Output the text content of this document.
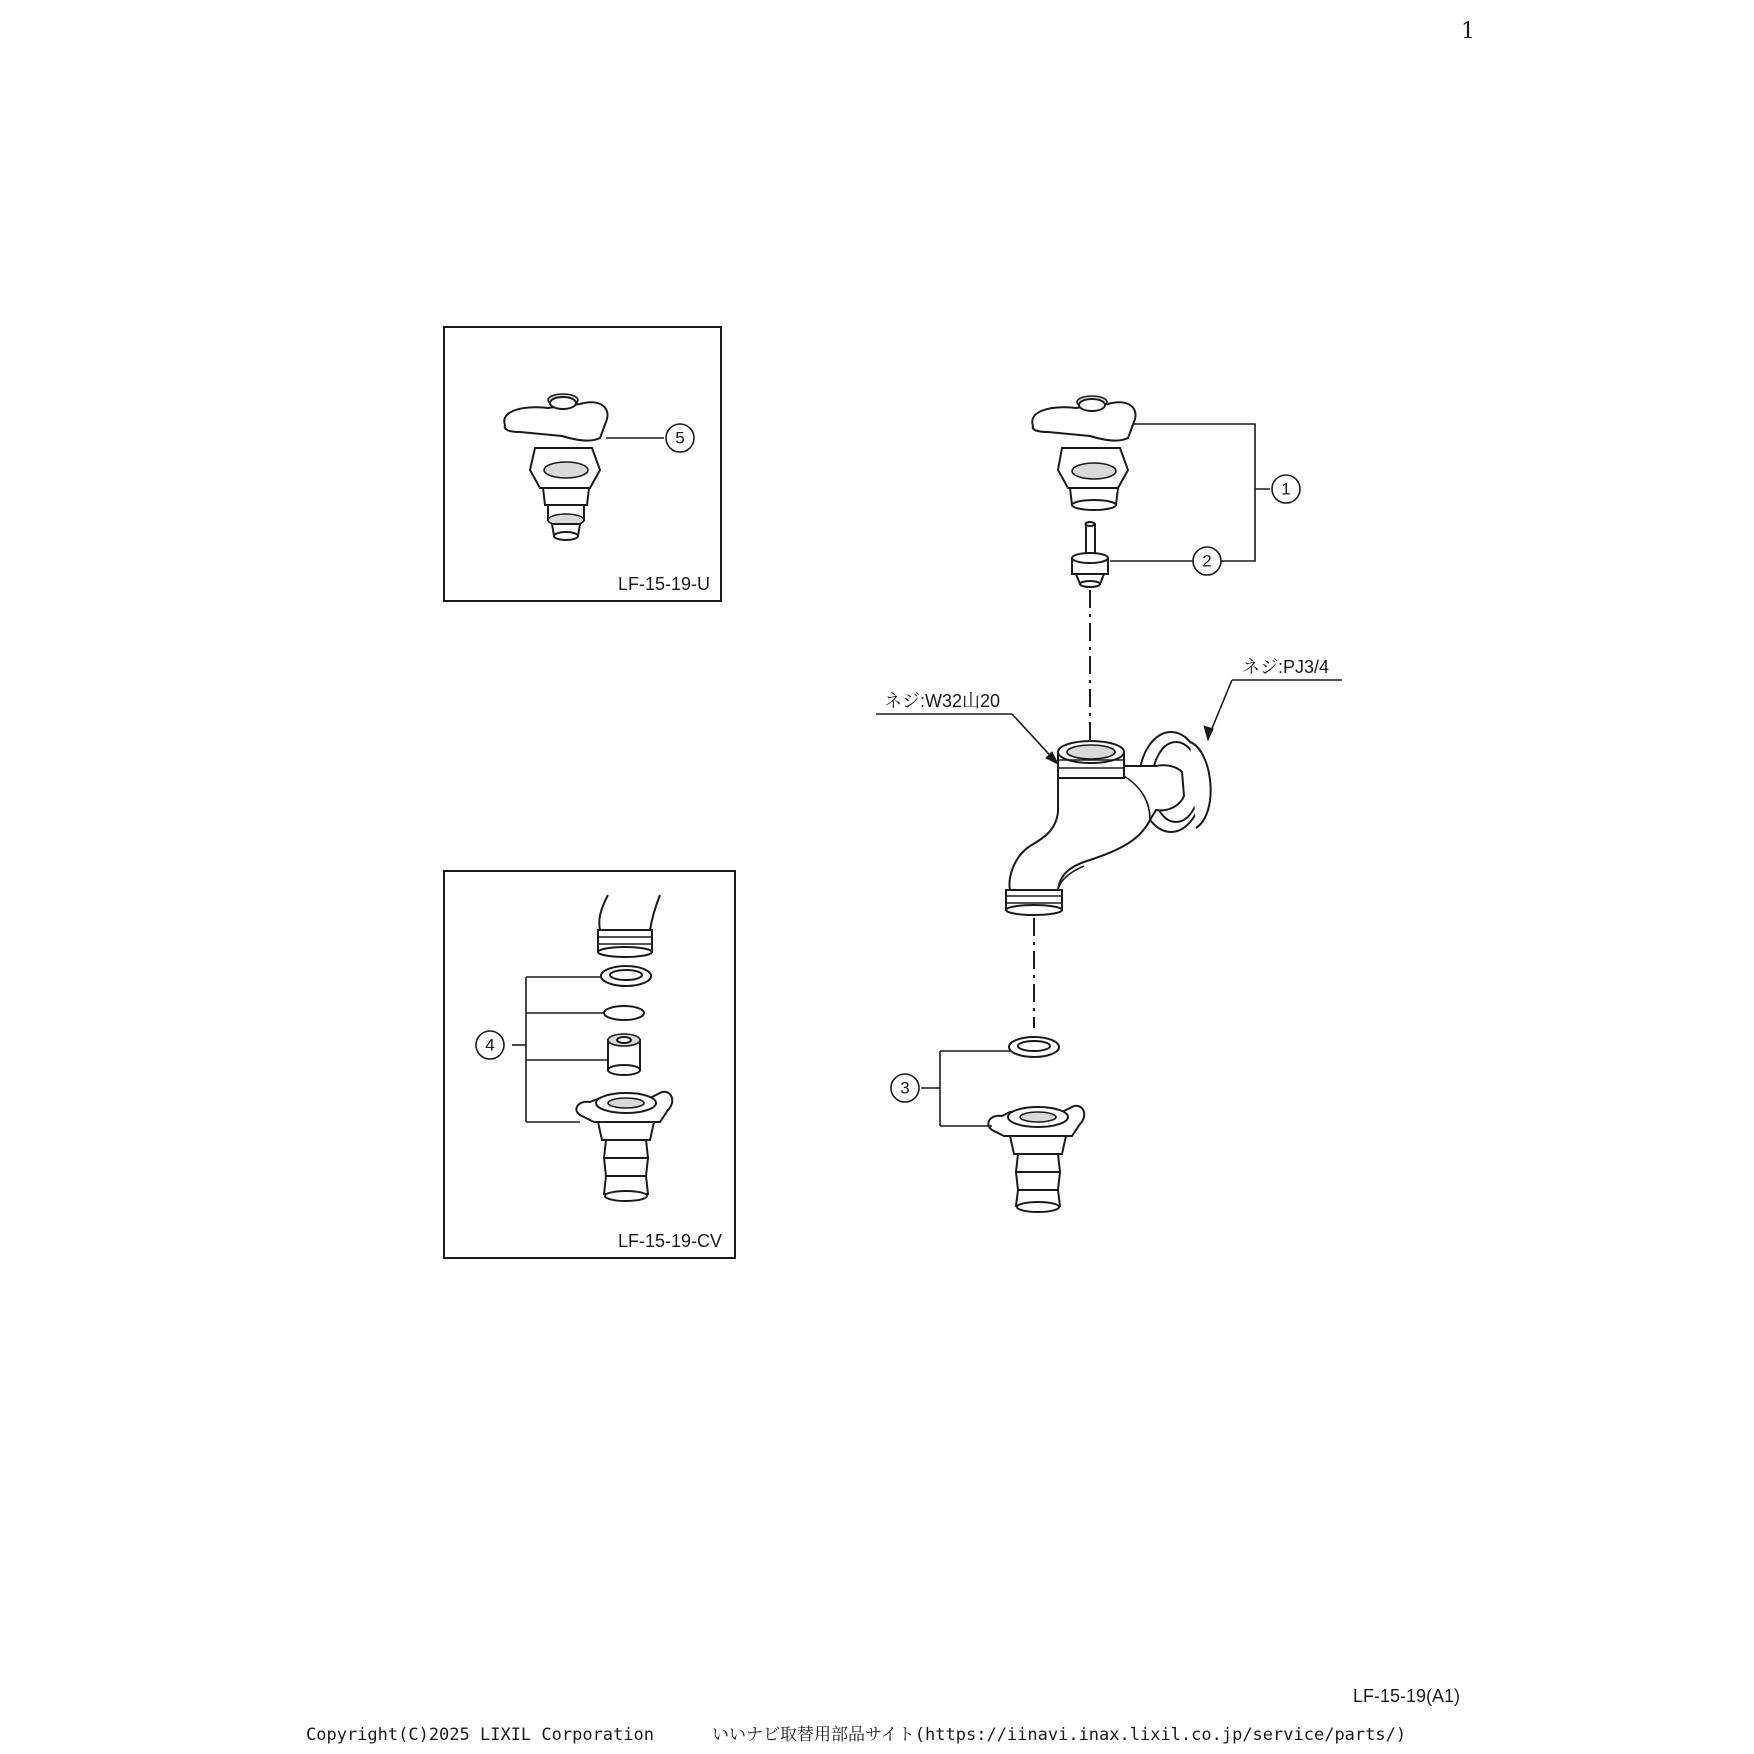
1
5
LF-15-19-U
4
LF-15-19-CV
1
2
ネジ:W32山20
ネジ:PJ3/4
3
LF-15-19(A1)
Copyright(C)2025 LIXIL Corporation	いいナビ取替用部品サイト(https://iinavi.inax.lixil.co.jp/service/parts/)
